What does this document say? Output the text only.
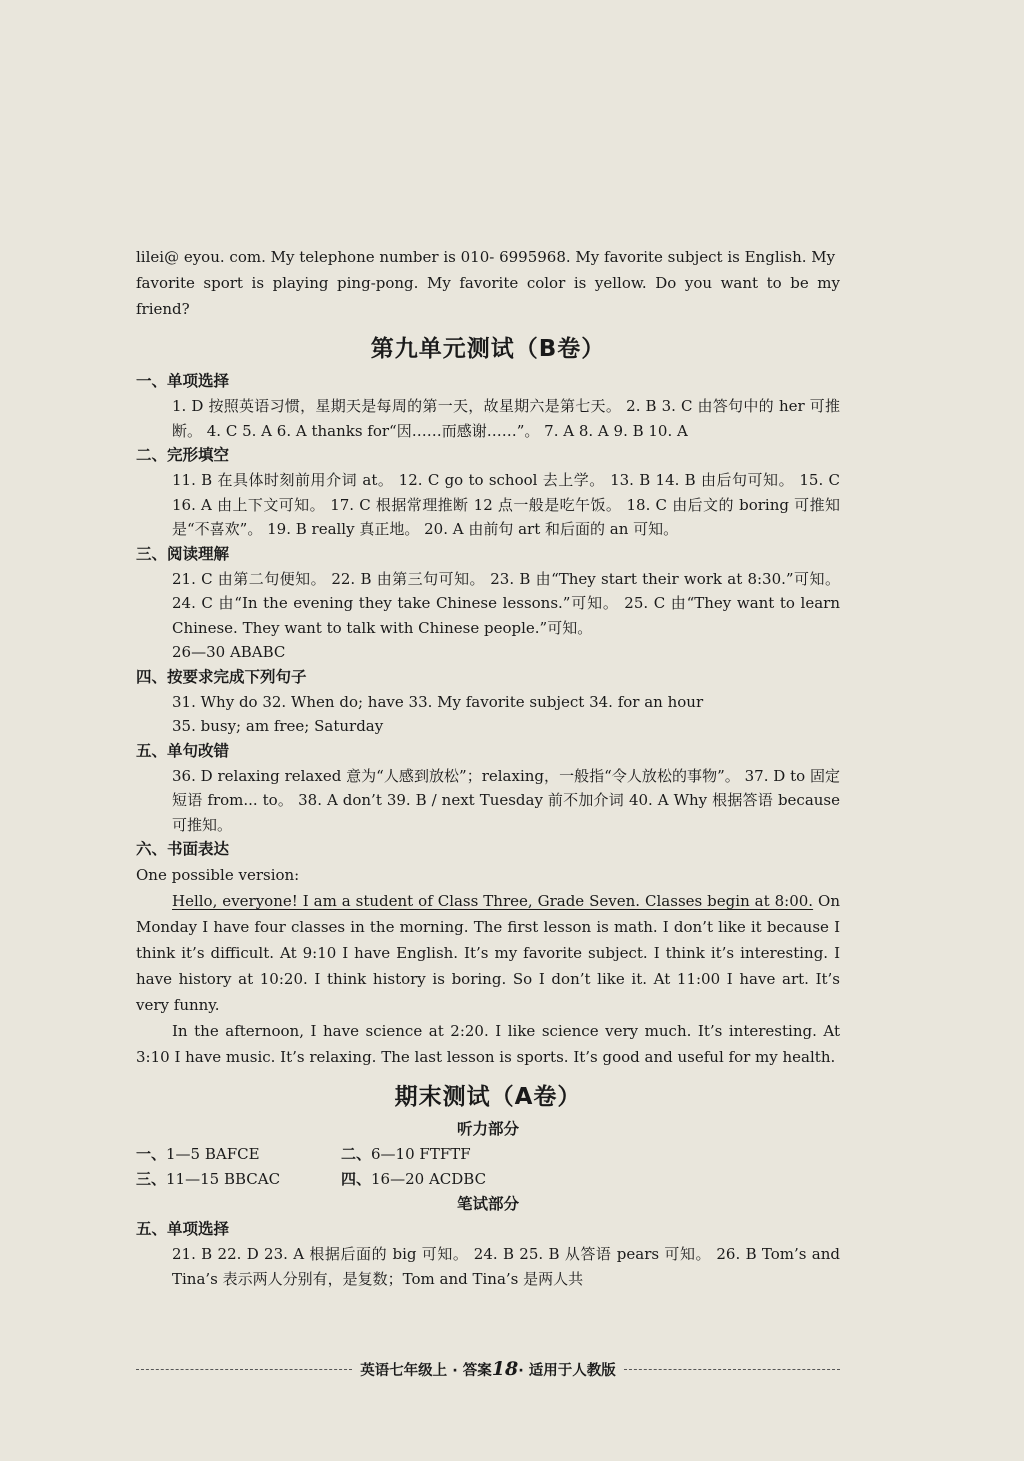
lilei@ eyou. com. My telephone number is 010- 6995968. My favorite subject is English. My

favorite sport is playing ping-pong. My favorite color is yellow. Do you want to be my friend?

第九单元测试（B卷）
一、单项选择

1. D 按照英语习惯，星期天是每周的第一天，故星期六是第七天。 2. B 3. C 由答句中的 her 可推断。 4. C 5. A 6. A thanks for“因……而感谢……”。 7. A 8. A 9. B 10. A

二、完形填空

11. B 在具体时刻前用介词 at。 12. C go to school 去上学。 13. B 14. B 由后句可知。 15. C 16. A 由上下文可知。 17. C 根据常理推断 12 点一般是吃午饭。 18. C 由后文的 boring 可推知是“不喜欢”。 19. B really 真正地。 20. A 由前句 art 和后面的 an 可知。

三、阅读理解

21. C 由第二句便知。 22. B 由第三句可知。 23. B 由“They start their work at 8:30.”可知。 24. C 由“In the evening they take Chinese lessons.”可知。 25. C 由“They want to learn Chinese. They want to talk with Chinese people.”可知。

26—30 ABABC

四、按要求完成下列句子

31. Why do 32. When do; have 33. My favorite subject 34. for an hour

35. busy; am free; Saturday

五、单句改错

36. D relaxing relaxed 意为“人感到放松”；relaxing，一般指“令人放松的事物”。 37. D to 固定短语 from... to。 38. A don’t 39. B / next Tuesday 前不加介词 40. A Why 根据答语 because 可推知。

六、书面表达

One possible version:

Hello, everyone! I am a student of Class Three, Grade Seven. Classes begin at 8:00. On Monday I have four classes in the morning. The first lesson is math. I don’t like it because I think it’s difficult. At 9:10 I have English. It’s my favorite subject. I think it’s interesting. I have history at 10:20. I think history is boring. So I don’t like it. At 11:00 I have art. It’s very funny.

In the afternoon, I have science at 2:20. I like science very much. It’s interesting. At 3:10 I have music. It’s relaxing. The last lesson is sports. It’s good and useful for my health.

期末测试（A卷）
听力部分
一、1—5 BAFCE	二、6—10 FTFTF
三、11—15 BBCAC	四、16—20 ACDBC
笔试部分
五、单项选择

21. B 22. D 23. A 根据后面的 big 可知。 24. B 25. B 从答语 pears 可知。 26. B Tom’s and Tina’s 表示两人分别有，是复数；Tom and Tina’s 是两人共

英语七年级上 · 答案18· 适用于人教版
